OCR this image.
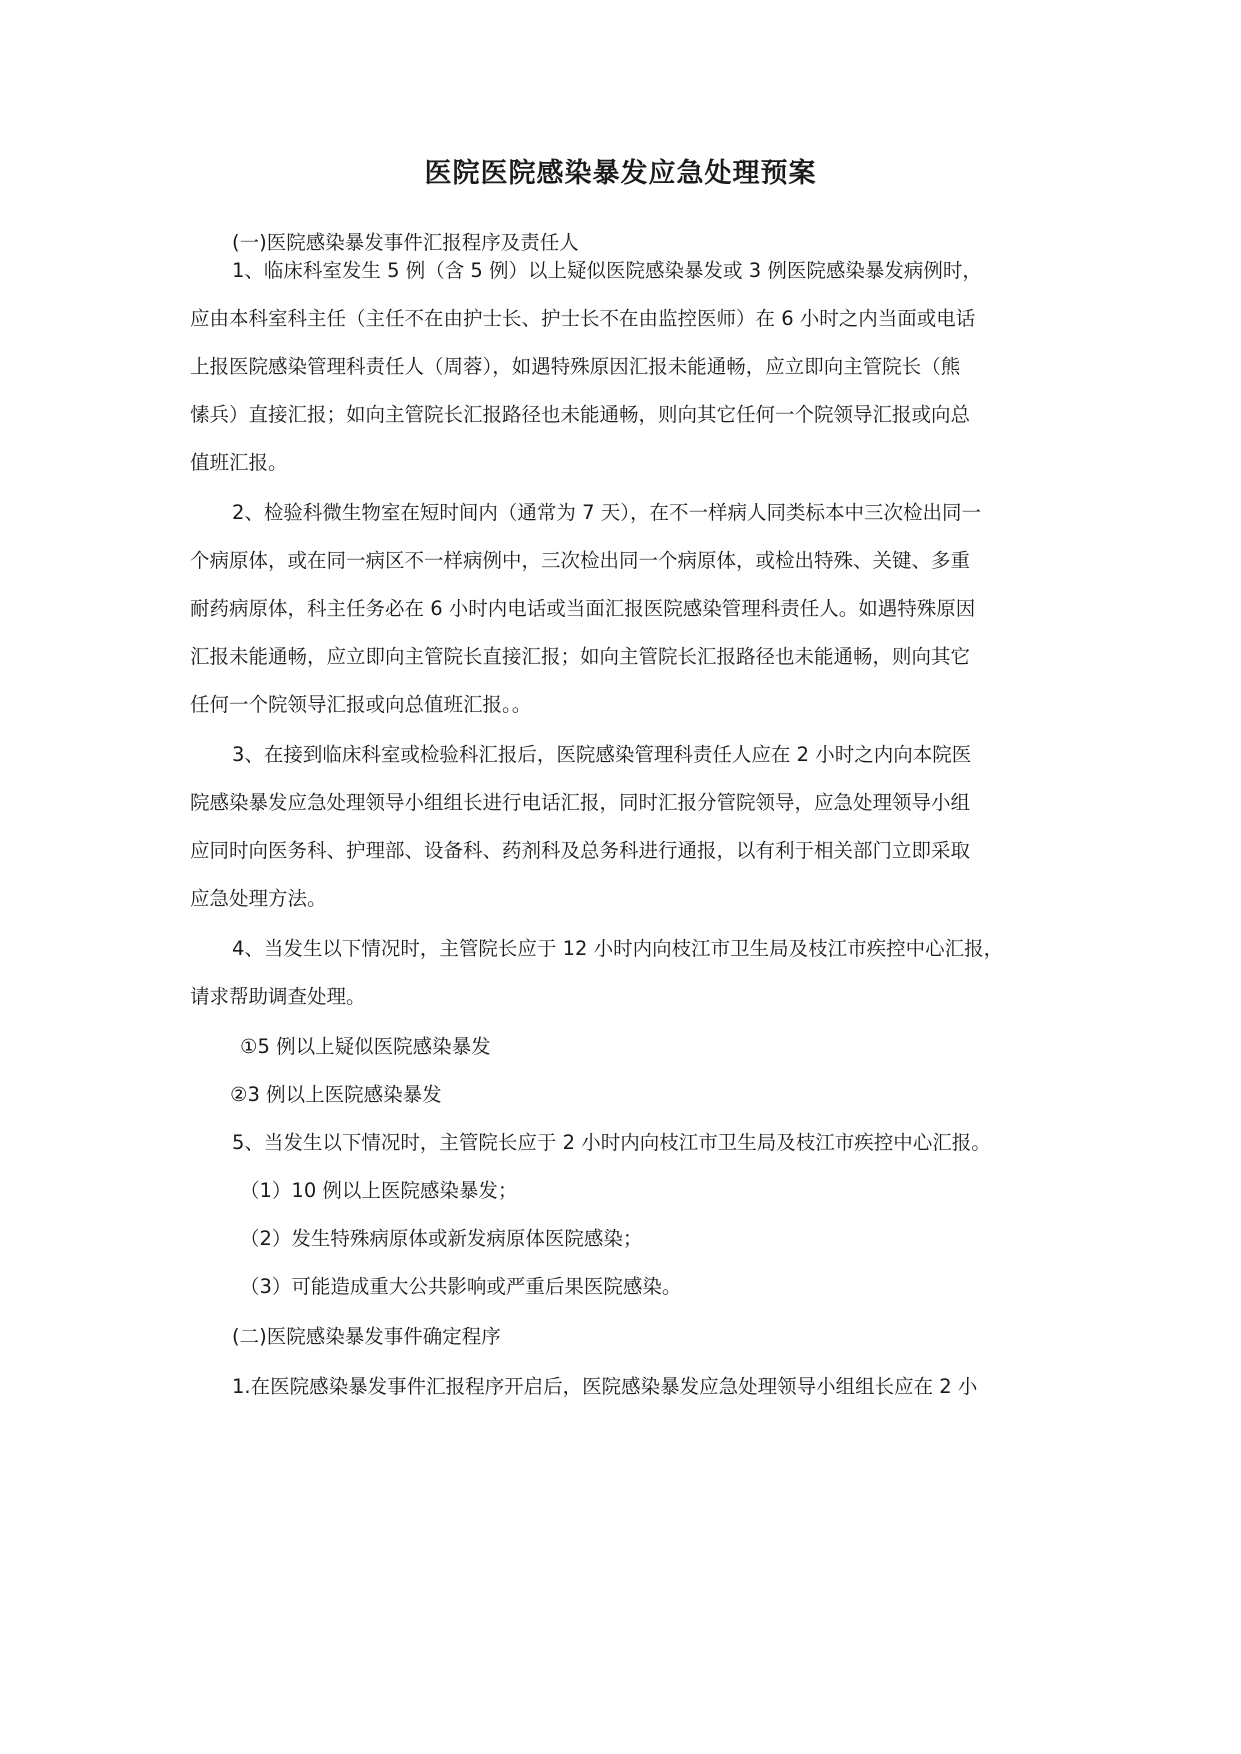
医院医院感染暴发应急处理预案
(一)医院感染暴发事件汇报程序及责任人
1、临床科室发生 5 例（含 5 例）以上疑似医院感染暴发或 3 例医院感染暴发病例时，
应由本科室科主任（主任不在由护士长、护士长不在由监控医师）在 6 小时之内当面或电话
上报医院感染管理科责任人（周蓉），如遇特殊原因汇报未能通畅，应立即向主管院长（熊
愫兵）直接汇报；如向主管院长汇报路径也未能通畅，则向其它任何一个院领导汇报或向总
值班汇报。
2、检验科微生物室在短时间内（通常为 7 天），在不一样病人同类标本中三次检出同一
个病原体，或在同一病区不一样病例中，三次检出同一个病原体，或检出特殊、关键、多重
耐药病原体，科主任务必在 6 小时内电话或当面汇报医院感染管理科责任人。如遇特殊原因
汇报未能通畅，应立即向主管院长直接汇报；如向主管院长汇报路径也未能通畅，则向其它
任何一个院领导汇报或向总值班汇报。。
3、在接到临床科室或检验科汇报后，医院感染管理科责任人应在 2 小时之内向本院医
院感染暴发应急处理领导小组组长进行电话汇报，同时汇报分管院领导，应急处理领导小组
应同时向医务科、护理部、设备科、药剂科及总务科进行通报，以有利于相关部门立即采取
应急处理方法。
4、当发生以下情况时，主管院长应于 12 小时内向枝江市卫生局及枝江市疾控中心汇报，
请求帮助调查处理。
①5 例以上疑似医院感染暴发
②3 例以上医院感染暴发
5、当发生以下情况时，主管院长应于 2 小时内向枝江市卫生局及枝江市疾控中心汇报。
（1）10 例以上医院感染暴发；
（2）发生特殊病原体或新发病原体医院感染；
（3）可能造成重大公共影响或严重后果医院感染。
(二)医院感染暴发事件确定程序
1.在医院感染暴发事件汇报程序开启后，医院感染暴发应急处理领导小组组长应在 2 小
